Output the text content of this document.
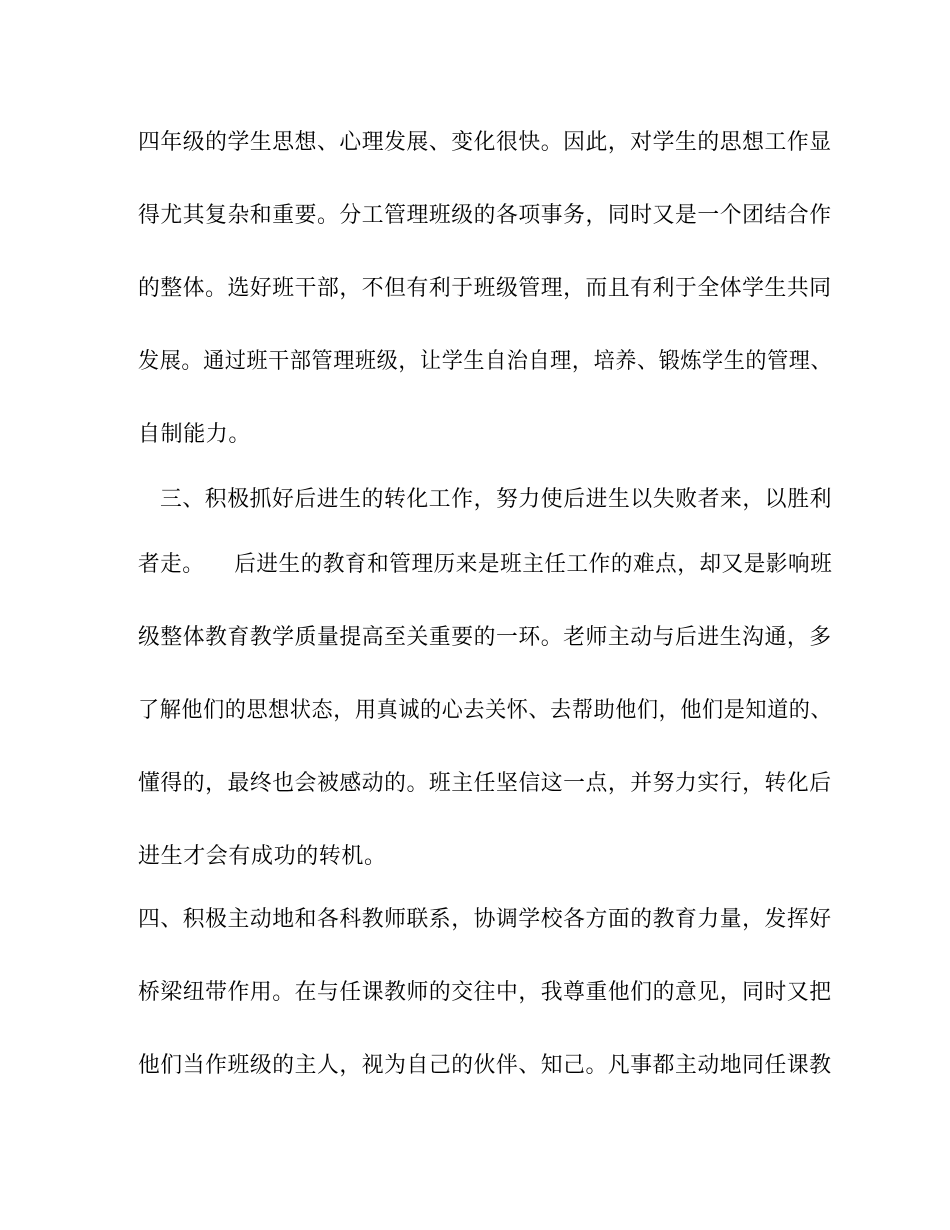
四年级的学生思想、心理发展、变化很快。因此，对学生的思想工作显
得尤其复杂和重要。分工管理班级的各项事务，同时又是一个团结合作
的整体。选好班干部，不但有利于班级管理，而且有利于全体学生共同
发展。通过班干部管理班级，让学生自治自理，培养、锻炼学生的管理、
自制能力。
三、积极抓好后进生的转化工作，努力使后进生以失败者来，以胜利
者走。    后进生的教育和管理历来是班主任工作的难点，却又是影响班
级整体教育教学质量提高至关重要的一环。老师主动与后进生沟通，多
了解他们的思想状态，用真诚的心去关怀、去帮助他们，他们是知道的、
懂得的，最终也会被感动的。班主任坚信这一点，并努力实行，转化后
进生才会有成功的转机。
四、积极主动地和各科教师联系，协调学校各方面的教育力量，发挥好
桥梁纽带作用。在与任课教师的交往中，我尊重他们的意见，同时又把
他们当作班级的主人，视为自己的伙伴、知己。凡事都主动地同任课教
